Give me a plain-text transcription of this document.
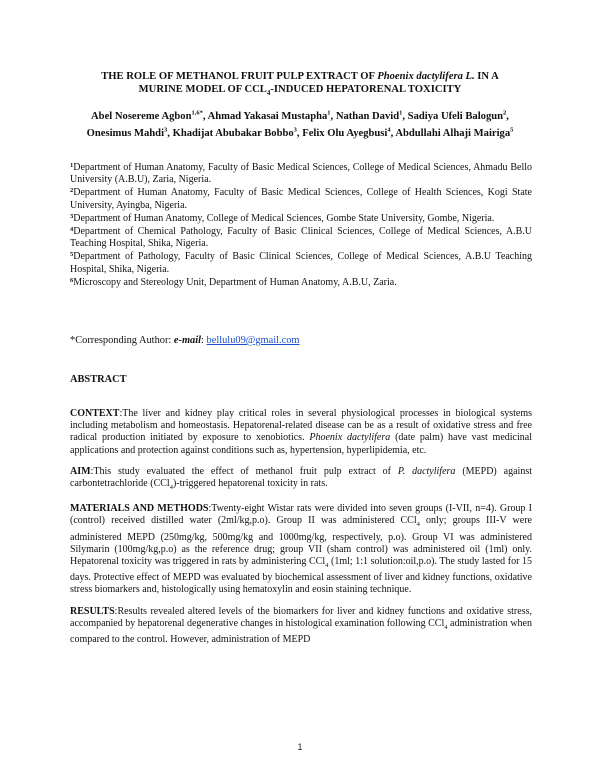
THE ROLE OF METHANOL FRUIT PULP EXTRACT OF Phoenix dactylifera L. IN A
MURINE MODEL OF $CCL_4$-INDUCED HEPATORENAL TOXICITY
Abel Nosereme Agbon$^{1,6*}$, Ahmad Yakasai Mustapha$^1$, Nathan David$^1$, Sadiya Ufeli Balogun$^2$, Onesimus Mahdi$^3$, Khadijat Abubakar Bobbo$^3$, Felix Olu Ayegbusi$^4$, Abdullahi Alhaji Mairiga$^5$
$^1$Department of Human Anatomy, Faculty of Basic Medical Sciences, College of Medical Sciences, Ahmadu Bello University (A.B.U), Zaria, Nigeria.
$^2$Department of Human Anatomy, Faculty of Basic Medical Sciences, College of Health Sciences, Kogi State University, Ayingba, Nigeria.
$^3$Department of Human Anatomy, College of Medical Sciences, Gombe State University, Gombe, Nigeria.
$^4$Department of Chemical Pathology, Faculty of Basic Clinical Sciences, College of Medical Sciences, A.B.U Teaching Hospital, Shika, Nigeria.
$^5$Department of Pathology, Faculty of Basic Clinical Sciences, College of Medical Sciences, A.B.U Teaching Hospital, Shika, Nigeria.
$^6$Microscopy and Stereology Unit, Department of Human Anatomy, A.B.U, Zaria.
*Corresponding Author: e-mail: bellulu09@gmail.com
ABSTRACT

CONTEXT:The liver and kidney play critical roles in several physiological processes in biological systems including metabolism and homeostasis. Hepatorenal-related disease can be as a result of oxidative stress and free radical production initiated by exposure to xenobiotics. Phoenix dactylifera (date palm) have vast medicinal applications and protection against conditions such as, hypertension, hyperlipidemia, etc.

AIM:This study evaluated the effect of methanol fruit pulp extract of P. dactylifera (MEPD) against carbontetrachloride (CCl$_4$)-triggered hepatorenal toxicity in rats.

MATERIALS AND METHODS:Twenty-eight Wistar rats were divided into seven groups (I-VII, n=4). Group I (control) received distilled water (2ml/kg,p.o). Group II was administered CCl$_4$ only; groups III-V were administered MEPD (250mg/kg, 500mg/kg and 1000mg/kg, respectively, p.o). Group VI was administered Silymarin (100mg/kg,p.o) as the reference drug; group VII (sham control) was administered oil (1ml) only. Hepatorenal toxicity was triggered in rats by administering CCl$_4$ (1ml; 1:1 solution:oil,p.o). The study lasted for 15 days. Protective effect of MEPD was evaluated by biochemical assessment of liver and kidney functions, oxidative stress biomarkers and, histologically using hematoxylin and eosin staining technique.

RESULTS:Results revealed altered levels of the biomarkers for liver and kidney functions and oxidative stress, accompanied by hepatorenal degenerative changes in histological examination following CCl$_4$ administration when compared to the control. However, administration of MEPD

1
